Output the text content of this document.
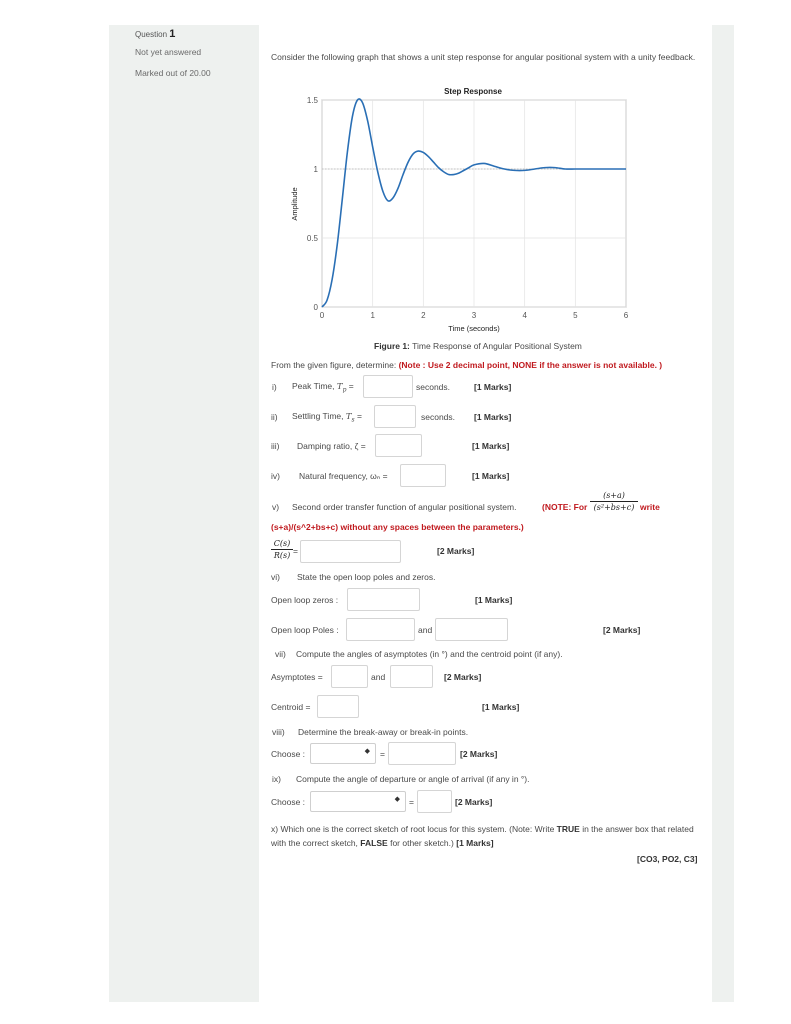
Question 1
Not yet answered
Marked out of 20.00
Consider the following graph that shows a unit step response for angular positional system with a unity feedback.
Step Response
0	1	2	3	4	5	6
0
0.5
1
1.5
Time (seconds)
Amplitude
Figure 1: Time Response of Angular Positional System
From the given figure, determine: (Note : Use 2 decimal point, NONE if the answer is not available. )
i) Peak Time, $T_p$ =	seconds.	[1 Marks]
ii) Settling Time, $T_s$ =	seconds. [1 Marks]
iii) Damping ratio, ζ =	[1 Marks]
iv) Natural frequency, ωₙ =	[1 Marks]
v) Second order transfer function of angular positional system.	(NOTE: For
(s+a)
(s²+bs+c) write
(s+a)/(s^2+bs+c) without any spaces between the parameters.)
C(s)
R(s) =	[2 Marks]
vi) State the open loop poles and zeros.
Open loop zeros :	[1 Marks]
Open loop Poles :	and	[2 Marks]
vii) Compute the angles of asymptotes (in °) and the centroid point (if any).
Asymptotes =	and	[2 Marks]
Centroid =	[1 Marks]
viii) Determine the break-away or break-in points.
Choose :	◆ =	[2 Marks]
ix) Compute the angle of departure or angle of arrival (if any in °).
Choose :	◆ =	[2 Marks]
x) Which one is the correct sketch of root locus for this system. (Note: Write TRUE in the answer box that related with the correct sketch, FALSE for other sketch.) [1 Marks]
[CO3, PO2, C3]
